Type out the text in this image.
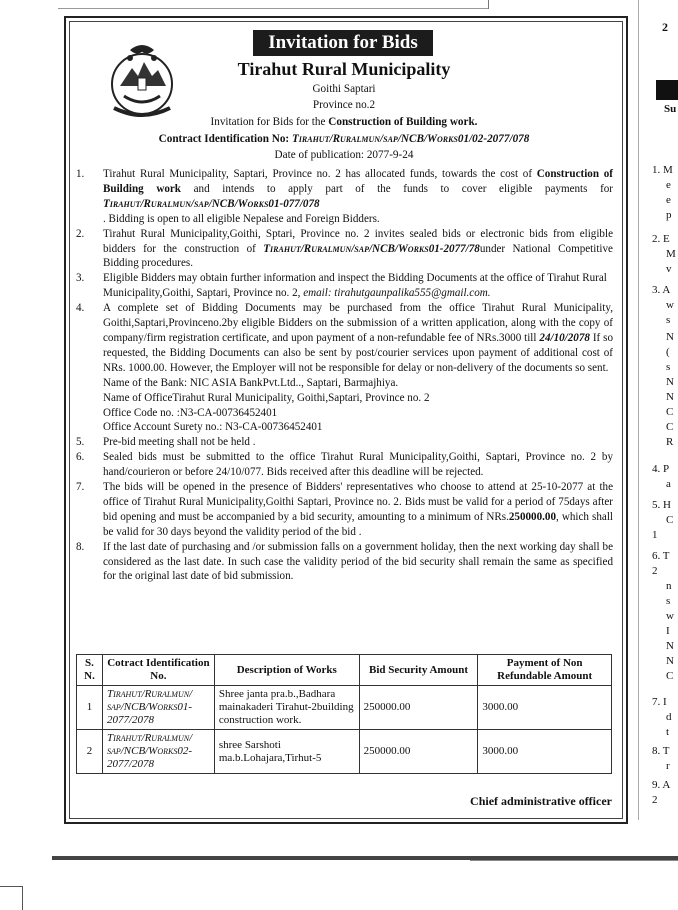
Invitation for Bids
Tirahut Rural Municipality
Goithi Saptari
Province no.2
Invitation for Bids for the Construction of Building work.
Contract Identification No: Tirahut/Ruralmun/sap/NCB/Works01/02-2077/078
Date of publication: 2077-9-24
1.	Tirahut Rural Municipality, Saptari, Province no. 2 has allocated funds, towards the cost of Construction of Building work and intends to apply part of the funds to cover eligible payments for Tirahut/Ruralmun/sap/NCB/Works01-077/078
. Bidding is open to all eligible Nepalese and Foreign Bidders.
2.	Tirahut Rural Municipality,Goithi, Sptari, Province no. 2 invites sealed bids or electronic bids from eligible bidders for the construction of Tirahut/Ruralmun/sap/NCB/Works01-2077/78under National Competitive Bidding procedures.
3.	Eligible Bidders may obtain further information and inspect the Bidding Documents at the office of Tirahut Rural Municipality,Goithi, Saptari, Province no. 2, email: tirahutgaunpalika555@gmail.com.
4.	A complete set of Bidding Documents may be purchased from the office Tirahut Rural Municipality, Goithi,Saptari,Provinceno.2by eligible Bidders on the submission of a written application, along with the copy of company/firm registration certificate, and upon payment of a non-refundable fee of NRs.3000 till 24/10/2078 If so requested, the Bidding Documents can also be sent by post/courier services upon payment of additional cost of NRs. 1000.00. However, the Employer will not be responsible for delay or non-delivery of the documents so sent.
Name of the Bank: NIC ASIA BankPvt.Ltd.., Saptari, Barmajhiya.
Name of OfficeTirahut Rural Municipality, Goithi,Saptari, Province no. 2
Office Code no. :N3-CA-00736452401
Office Account Surety no.: N3-CA-00736452401
5.	Pre-bid meeting shall not be held .
6.	Sealed bids must be submitted to the office Tirahut Rural Municipality,Goithi, Saptari, Province no. 2 by hand/courieron or before 24/10/077. Bids received after this deadline will be rejected.
7.	The bids will be opened in the presence of Bidders' representatives who choose to attend at 25-10-2077 at the office of Tirahut Rural Municipality,Goithi Saptari, Province no. 2. Bids must be valid for a period of 75days after bid opening and must be accompanied by a bid security, amounting to a minimum of NRs.250000.00, which shall be valid for 30 days beyond the validity period of the bid .
8.	If the last date of purchasing and /or submission falls on a government holiday, then the next working day shall be considered as the last date. In such case the validity period of the bid security shall remain the same as specified for the original last date of bid submission.
S. N.	Cotract Identification No.	Description of Works	Bid Security Amount	Payment of Non Refundable Amount
1	Tirahut/Ruralmun/ sap/NCB/Works01-2077/2078	Shree janta pra.b.,Badhara mainakaderi Tirahut-2building construction work.	250000.00	3000.00
2	Tirahut/Ruralmun/ sap/NCB/Works02-2077/2078	shree Sarshoti ma.b.Lohajara,Tirhut-5	250000.00	3000.00
Chief administrative officer
2
Su
1. M
e
e
p
2. E
M
v
3. A
w
s
N
(
s
N
N
C
C
R
4. P
a
5. H
C
1
6. T
2
n
s
w
I
N
N
C
7. I
d
t
8. T
r
9. A
2
